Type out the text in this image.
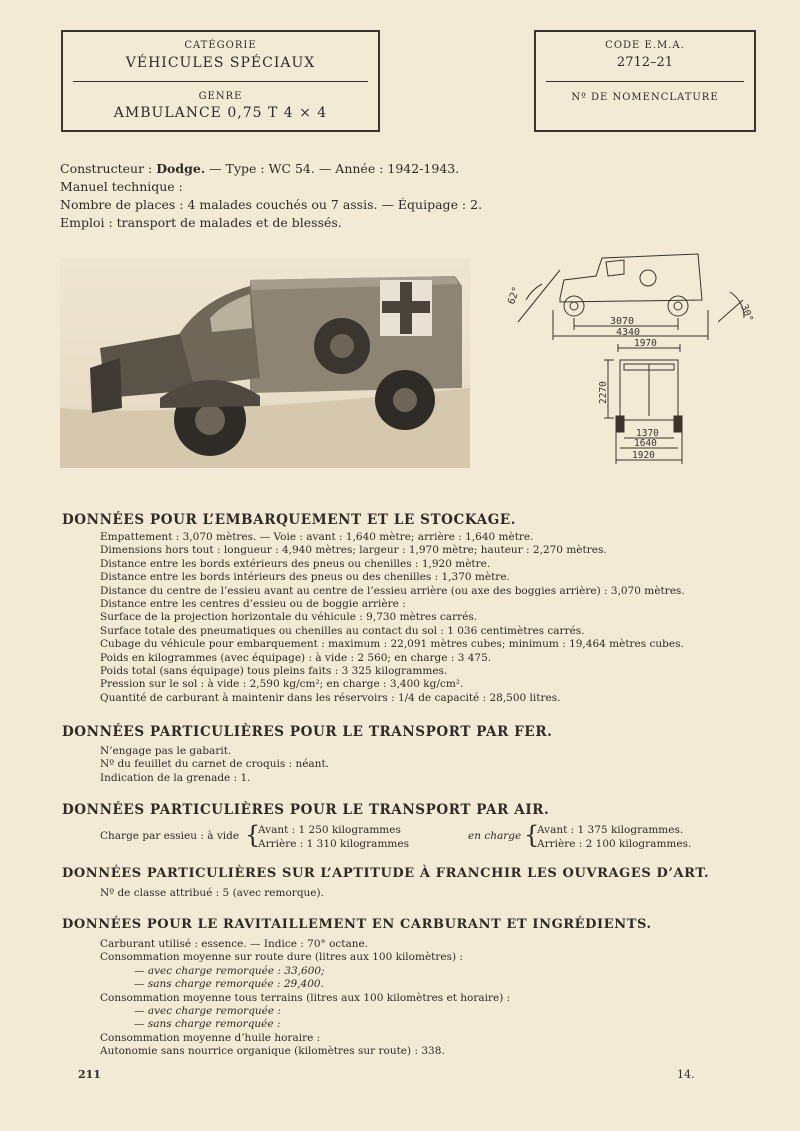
CATÉGORIE
VÉHICULES SPÉCIAUX
GENRE
AMBULANCE 0,75 T 4 × 4
CODE E.M.A.
2712–21
Nº DE NOMENCLATURE
Constructeur : Dodge. — Type : WC 54. — Année : 1942-1943.
Manuel technique :
Nombre de places : 4 malades couchés ou 7 assis. — Équipage : 2.
Emploi : transport de malades et de blessés.
62°
30°
3070
4340
1970
2270
1370
1640
1920
DONNÉES POUR L’EMBARQUEMENT ET LE STOCKAGE.
Empattement : 3,070 mètres. — Voie : avant : 1,640 mètre; arrière : 1,640 mètre.
Dimensions hors tout : longueur : 4,940 mètres; largeur : 1,970 mètre; hauteur : 2,270 mètres.
Distance entre les bords extérieurs des pneus ou chenilles : 1,920 mètre.
Distance entre les bords intérieurs des pneus ou des chenilles : 1,370 mètre.
Distance du centre de l’essieu avant au centre de l’essieu arrière (ou axe des boggies arrière) : 3,070 mètres.
Distance entre les centres d’essieu ou de boggie arrière :
Surface de la projection horizontale du véhicule : 9,730 mètres carrés.
Surface totale des pneumatiques ou chenilles au contact du sol : 1 036 centimètres carrés.
Cubage du véhicule pour embarquement : maximum : 22,091 mètres cubes; minimum : 19,464 mètres cubes.
Poids en kilogrammes (avec équipage) : à vide : 2 560; en charge : 3 475.
Poids total (sans équipage) tous pleins faits : 3 325 kilogrammes.
Pression sur le sol : à vide : 2,590 kg/cm²; en charge : 3,400 kg/cm².
Quantité de carburant à maintenir dans les réservoirs : 1/4 de capacité : 28,500 litres.
DONNÉES PARTICULIÈRES POUR LE TRANSPORT PAR FER.
N’engage pas le gabarit.
Nº du feuillet du carnet de croquis : néant.
Indication de la grenade : 1.
DONNÉES PARTICULIÈRES POUR LE TRANSPORT PAR AIR.
Charge par essieu : à vide {
Avant : 1 250 kilogrammes
Arrière : 1 310 kilogrammes
en charge {
Avant : 1 375 kilogrammes.
Arrière : 2 100 kilogrammes.
DONNÉES PARTICULIÈRES SUR L’APTITUDE À FRANCHIR LES OUVRAGES D’ART.
Nº de classe attribué : 5 (avec remorque).
DONNÉES POUR LE RAVITAILLEMENT EN CARBURANT ET INGRÉDIENTS.
Carburant utilisé : essence. — Indice : 70° octane.
Consommation moyenne sur route dure (litres aux 100 kilomètres) :
— avec charge remorquée : 33,600;
— sans charge remorquée : 29,400.
Consommation moyenne tous terrains (litres aux 100 kilomètres et horaire) :
— avec charge remorquée :
— sans charge remorquée :
Consommation moyenne d’huile horaire :
Autonomie sans nourrice organique (kilomètres sur route) : 338.
211	14.
